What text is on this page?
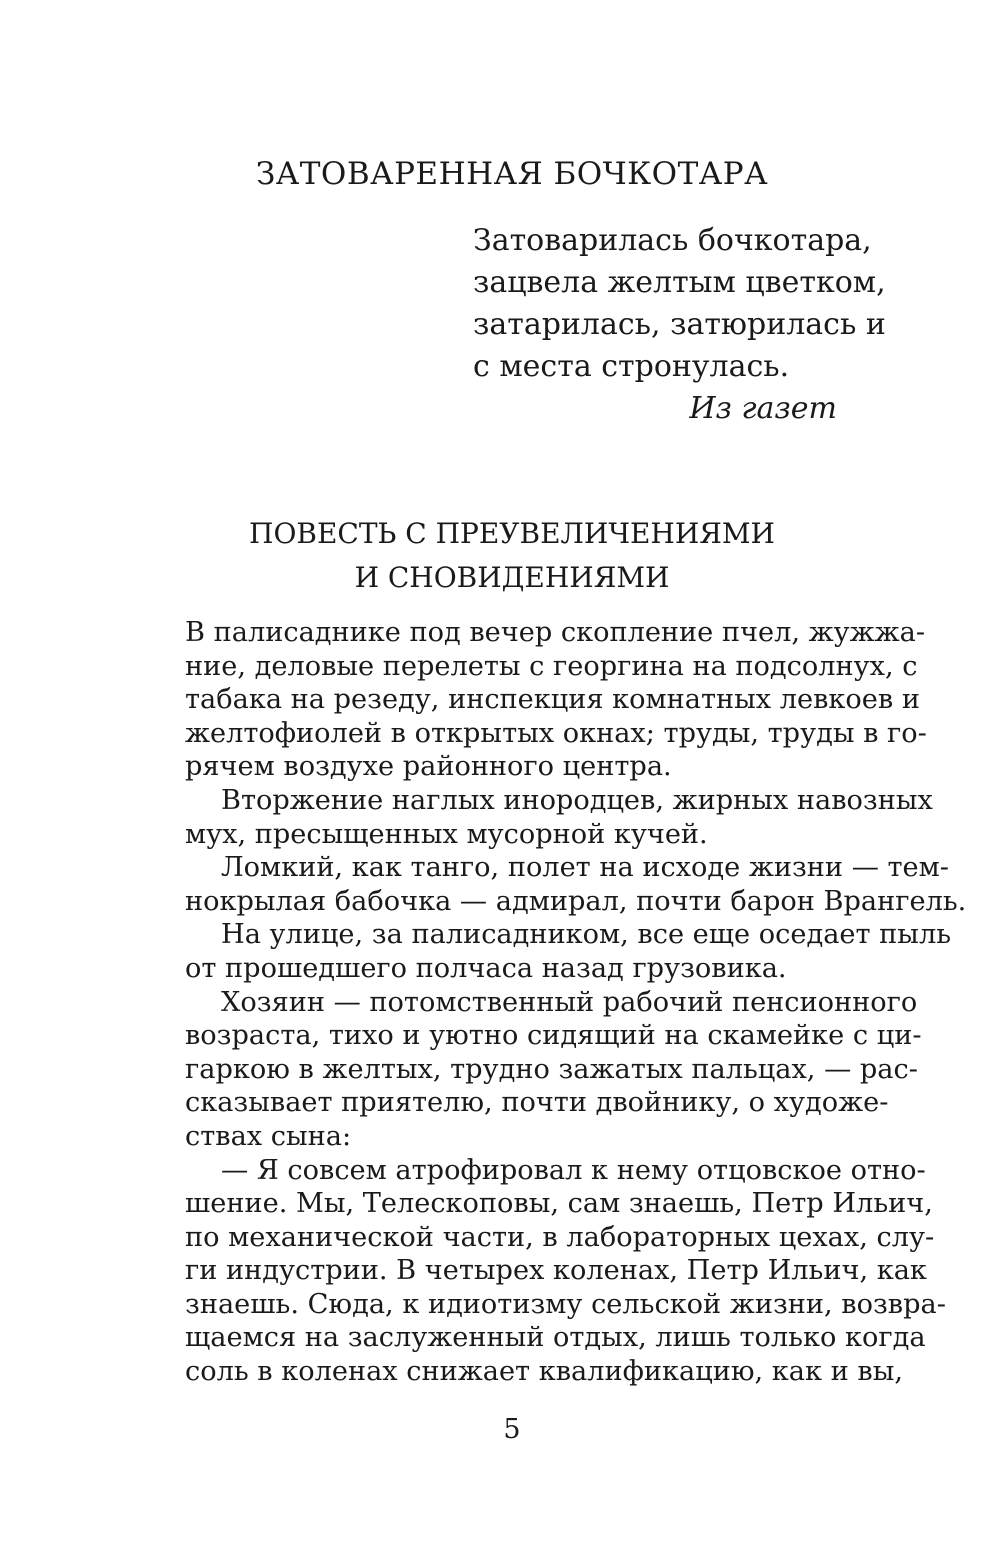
ЗАТОВАРЕННАЯ БОЧКОТАРА
Затоварилась бочкотара,
зацвела желтым цветком,
затарилась, затюрилась и
с места стронулась.
Из газет
ПОВЕСТЬ С ПРЕУВЕЛИЧЕНИЯМИ
И СНОВИДЕНИЯМИ
В палисаднике под вечер скопление пчел, жужжа-
ние, деловые перелеты с георгина на подсолнух, с
табака на резеду, инспекция комнатных левкоев и
желтофиолей в открытых окнах; труды, труды в го-
рячем воздухе районного центра.
Вторжение наглых инородцев, жирных навозных
мух, пресыщенных мусорной кучей.
Ломкий, как танго, полет на исходе жизни — тем-
нокрылая бабочка — адмирал, почти барон Врангель.
На улице, за палисадником, все еще оседает пыль
от прошедшего полчаса назад грузовика.
Хозяин — потомственный рабочий пенсионного
возраста, тихо и уютно сидящий на скамейке с ци-
гаркою в желтых, трудно зажатых пальцах, — рас-
сказывает приятелю, почти двойнику, о художе-
ствах сына:
— Я совсем атрофировал к нему отцовское отно-
шение. Мы, Телескоповы, сам знаешь, Петр Ильич,
по механической части, в лабораторных цехах, слу-
ги индустрии. В четырех коленах, Петр Ильич, как
знаешь. Сюда, к идиотизму сельской жизни, возвра-
щаемся на заслуженный отдых, лишь только когда
соль в коленах снижает квалификацию, как и вы,
5
